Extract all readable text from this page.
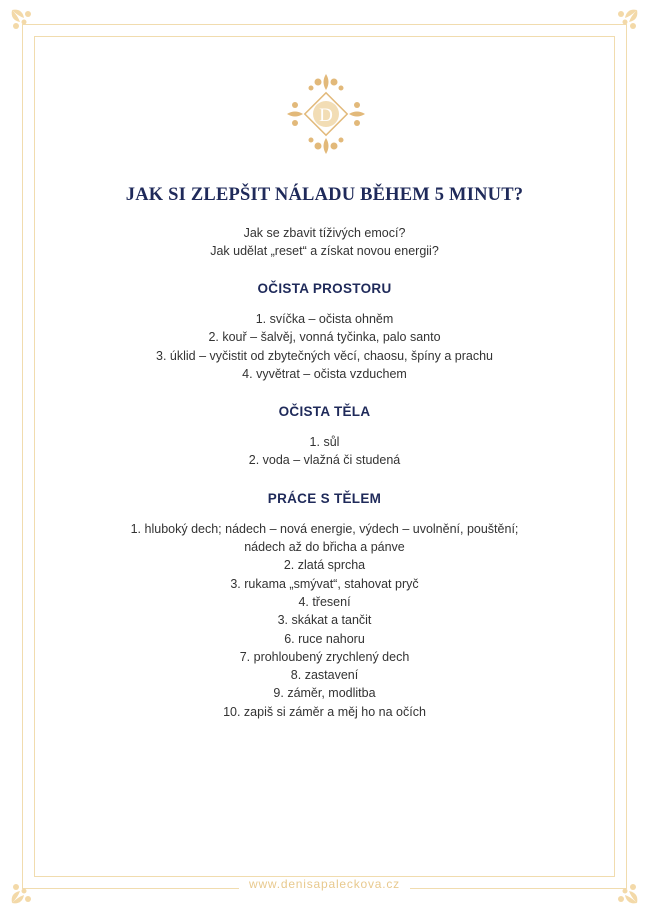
D
JAK SI ZLEPŠIT NÁLADU BĚHEM 5 MINUT?
Jak se zbavit tíživých emocí?
Jak udělat „reset“ a získat novou energii?
OČISTA PROSTORU
1. svíčka – očista ohněm
2. kouř – šalvěj, vonná tyčinka, palo santo
3. úklid – vyčistit od zbytečných věcí, chaosu, špíny a prachu
4. vyvětrat – očista vzduchem
OČISTA TĚLA
1. sůl
2. voda – vlažná či studená
PRÁCE S TĚLEM
1. hluboký dech; nádech – nová energie, výdech – uvolnění, pouštění;
nádech až do břicha a pánve
2. zlatá sprcha
3. rukama „smývat“, stahovat pryč
4. třesení
3. skákat a tančit
6. ruce nahoru
7. prohloubený zrychlený dech
8. zastavení
9. záměr, modlitba
10. zapiš si záměr a měj ho na očích
www.denisapaleckova.cz
